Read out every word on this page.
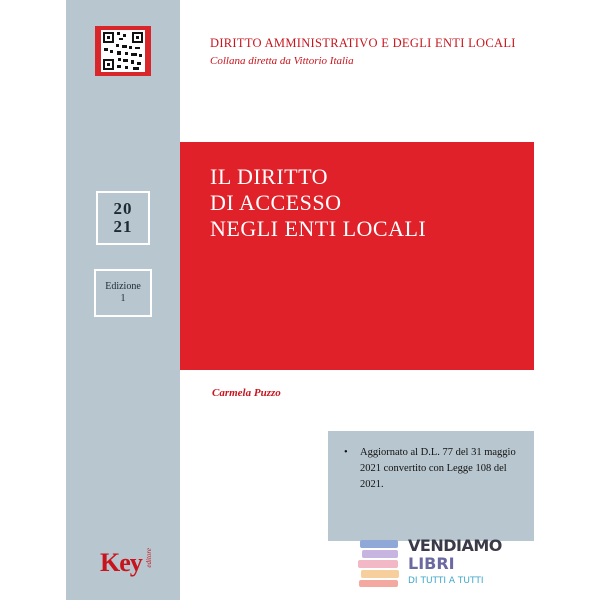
DIRITTO AMMINISTRATIVO E DEGLI ENTI LOCALI
Collana diretta da Vittorio Italia
20
21
Edizione
1
IL DIRITTO
DI ACCESSO
NEGLI ENTI LOCALI
Carmela Puzzo
• Aggiornato al D.L. 77 del 31 maggio 2021 convertito con Legge 108 del 2021.
Key editore
VENDIAMO
LIBRI
DI TUTTI A TUTTI
